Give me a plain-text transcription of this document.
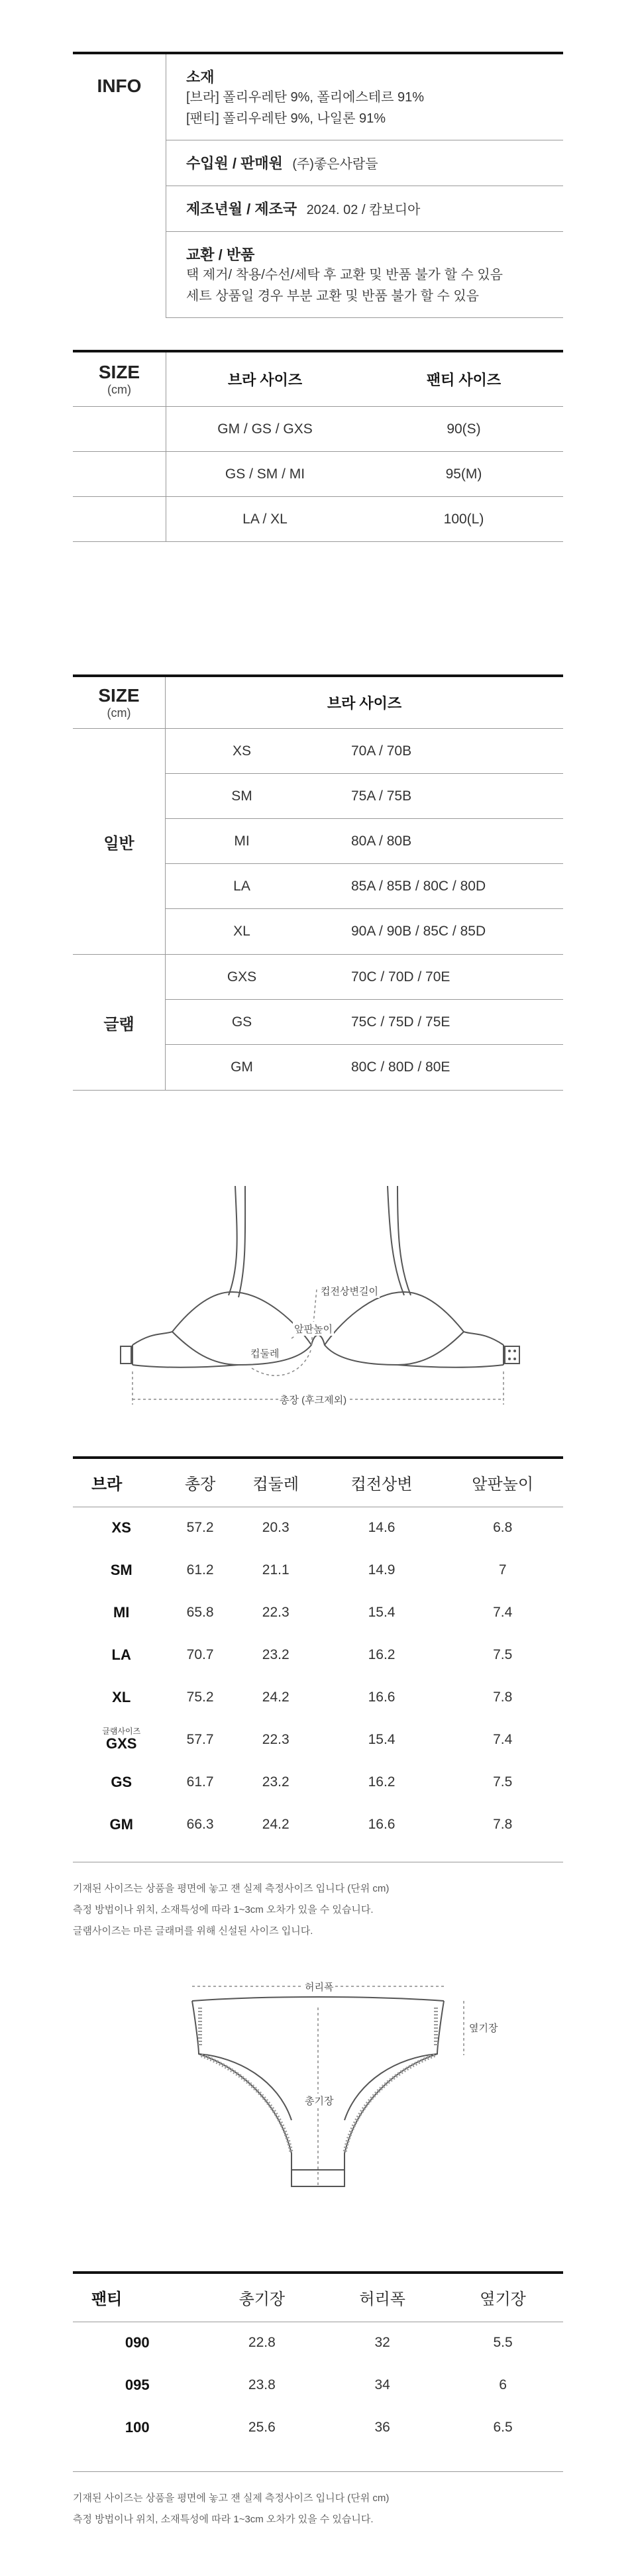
INFO	소재
[브라] 폴리우레탄 9%, 폴리에스테르 91%
[팬티] 폴리우레탄 9%, 나일론 91%
수입원 / 판매원 (주)좋은사람들
제조년월 / 제조국 2024. 02 / 캄보디아
교환 / 반품
택 제거/ 착용/수선/세탁 후 교환 및 반품 불가 할 수 있음
세트 상품일 경우 부분 교환 및 반품 불가 할 수 있음
SIZE
(cm)
브라 사이즈	팬티 사이즈
GM / GS / GXS	90(S)
GS / SM / MI	95(M)
LA / XL	100(L)
SIZE
(cm)
브라 사이즈
일반
XS	70A / 70B
SM	75A / 75B
MI	80A / 80B
LA	85A / 85B / 80C / 80D
XL	90A / 90B / 85C / 85D
글램
GXS	70C / 70D / 70E
GS	75C / 75D / 75E
GM	80C / 80D / 80E
컵전상변길이
앞판높이
컵둘레
총장 (후크제외)
브라	총장	컵둘레	컵전상변	앞판높이
XS	57.2	20.3	14.6	6.8
SM	61.2	21.1	14.9	7
MI	65.8	22.3	15.4	7.4
LA	70.7	23.2	16.2	7.5
XL	75.2	24.2	16.6	7.8

글램사이즈
GXS	57.7	22.3	15.4	7.4
GS	61.7	23.2	16.2	7.5
GM	66.3	24.2	16.6	7.8

기재된 사이즈는 상품을 평면에 놓고 잰 실제 측정사이즈 입니다 (단위 cm)

측정 방법이나 위치, 소재특성에 따라 1~3cm 오차가 있을 수 있습니다.

글램사이즈는 마른 글래머를 위해 신설된 사이즈 입니다.

허리폭
옆기장
총기장
팬티	총기장	허리폭	옆기장
090	22.8	32	5.5
095	23.8	34	6
100	25.6	36	6.5

기재된 사이즈는 상품을 평면에 놓고 잰 실제 측정사이즈 입니다 (단위 cm)

측정 방법이나 위치, 소재특성에 따라 1~3cm 오차가 있을 수 있습니다.
